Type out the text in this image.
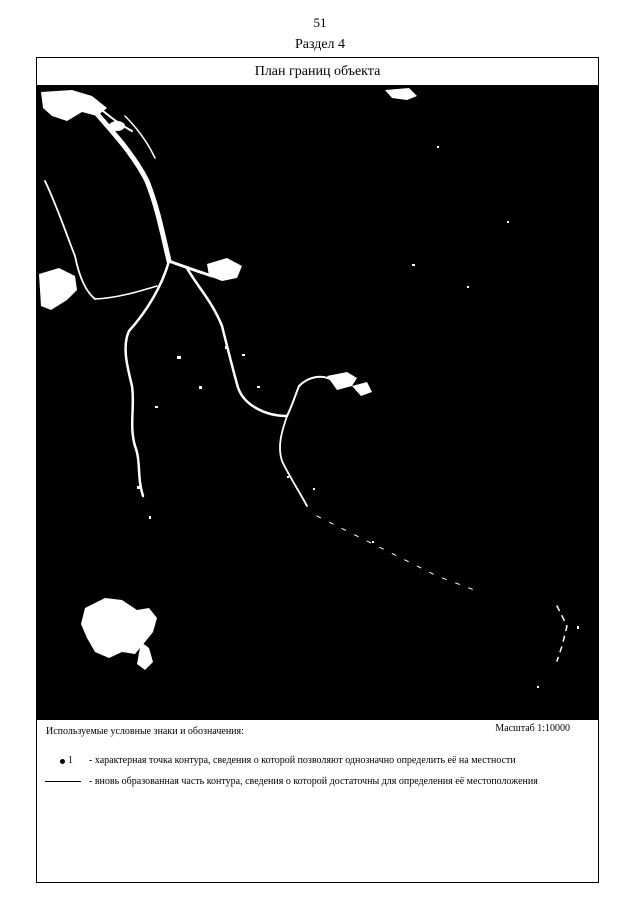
51
Раздел 4
План границ объекта
Используемые условные знаки и обозначения:	Масштаб 1:10000
1 - характерная точка контура, сведения о которой позволяют однозначно определить её на местности
- вновь образованная часть контура, сведения о которой достаточны для определения её местоположения
